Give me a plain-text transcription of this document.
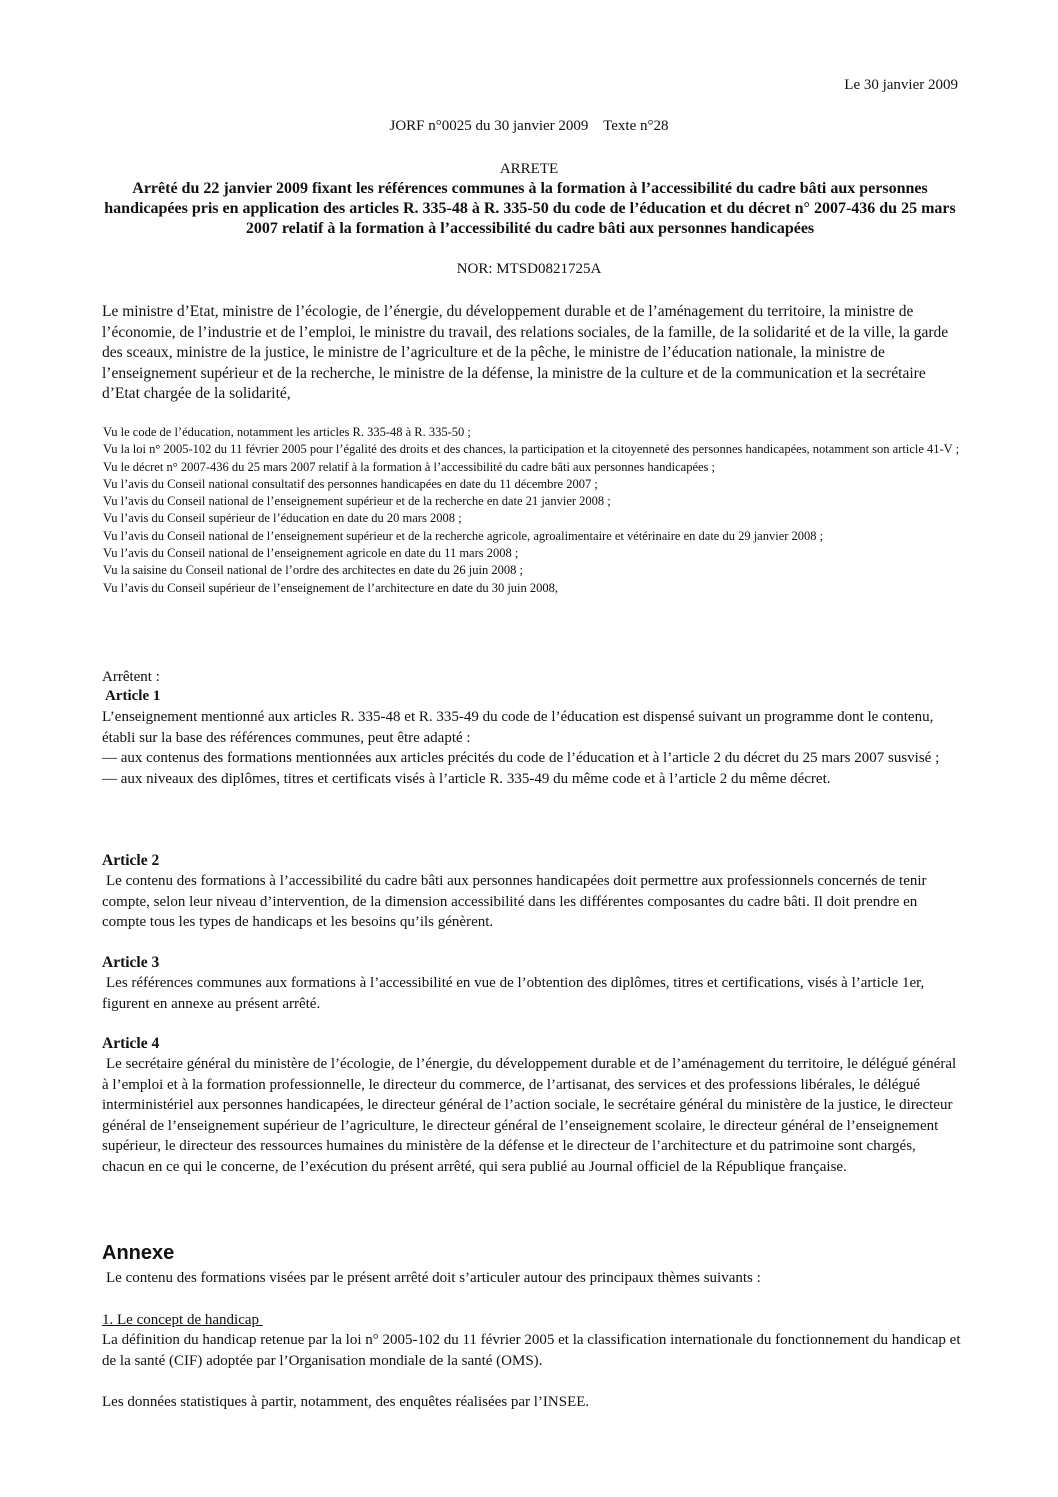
Le 30 janvier 2009

JORF n°0025 du 30 janvier 2009    Texte n°28

ARRETE

Arrêté du 22 janvier 2009 fixant les références communes à la formation à l’accessibilité du cadre bâti aux personnes handicapées pris en application des articles R. 335-48 à R. 335-50 du code de l’éducation et du décret n° 2007-436 du 25 mars 2007 relatif à la formation à l’accessibilité du cadre bâti aux personnes handicapées

NOR: MTSD0821725A

Le ministre d’Etat, ministre de l’écologie, de l’énergie, du développement durable et de l’aménagement du territoire, la ministre de l’économie, de l’industrie et de l’emploi, le ministre du travail, des relations sociales, de la famille, de la solidarité et de la ville, la garde des sceaux, ministre de la justice, le ministre de l’agriculture et de la pêche, le ministre de l’éducation nationale, la ministre de l’enseignement supérieur et de la recherche, le ministre de la défense, la ministre de la culture et de la communication et la secrétaire d’Etat chargée de la solidarité,

Vu le code de l’éducation, notamment les articles R. 335-48 à R. 335-50 ;
Vu la loi n° 2005-102 du 11 février 2005 pour l’égalité des droits et des chances, la participation et la citoyenneté des personnes handicapées, notamment son article 41-V ;
Vu le décret n° 2007-436 du 25 mars 2007 relatif à la formation à l’accessibilité du cadre bâti aux personnes handicapées ;
Vu l’avis du Conseil national consultatif des personnes handicapées en date du 11 décembre 2007 ;
Vu l’avis du Conseil national de l’enseignement supérieur et de la recherche en date 21 janvier 2008 ;
Vu l’avis du Conseil supérieur de l’éducation en date du 20 mars 2008 ;
Vu l’avis du Conseil national de l’enseignement supérieur et de la recherche agricole, agroalimentaire et vétérinaire en date du 29 janvier 2008 ;
Vu l’avis du Conseil national de l’enseignement agricole en date du 11 mars 2008 ;
Vu la saisine du Conseil national de l’ordre des architectes en date du 26 juin 2008 ;
Vu l’avis du Conseil supérieur de l’enseignement de l’architecture en date du 30 juin 2008,

Arrêtent :

Article 1

L’enseignement mentionné aux articles R. 335-48 et R. 335-49 du code de l’éducation est dispensé suivant un programme dont le contenu, établi sur la base des références communes, peut être adapté :
— aux contenus des formations mentionnées aux articles précités du code de l’éducation et à l’article 2 du décret du 25 mars 2007 susvisé ;
— aux niveaux des diplômes, titres et certificats visés à l’article R. 335-49 du même code et à l’article 2 du même décret.

Article 2

Le contenu des formations à l’accessibilité du cadre bâti aux personnes handicapées doit permettre aux professionnels concernés de tenir compte, selon leur niveau d’intervention, de la dimension accessibilité dans les différentes composantes du cadre bâti. Il doit prendre en compte tous les types de handicaps et les besoins qu’ils génèrent.

Article 3

Les références communes aux formations à l’accessibilité en vue de l’obtention des diplômes, titres et certifications, visés à l’article 1er, figurent en annexe au présent arrêté.

Article 4

Le secrétaire général du ministère de l’écologie, de l’énergie, du développement durable et de l’aménagement du territoire, le délégué général à l’emploi et à la formation professionnelle, le directeur du commerce, de l’artisanat, des services et des professions libérales, le délégué interministériel aux personnes handicapées, le directeur général de l’action sociale, le secrétaire général du ministère de la justice, le directeur général de l’enseignement supérieur de l’agriculture, le directeur général de l’enseignement scolaire, le directeur général de l’enseignement supérieur, le directeur des ressources humaines du ministère de la défense et le directeur de l’architecture et du patrimoine sont chargés, chacun en ce qui le concerne, de l’exécution du présent arrêté, qui sera publié au Journal officiel de la République française.

Annexe

Le contenu des formations visées par le présent arrêté doit s’articuler autour des principaux thèmes suivants :

1. Le concept de handicap

La définition du handicap retenue par la loi n° 2005-102 du 11 février 2005 et la classification internationale du fonctionnement du handicap et de la santé (CIF) adoptée par l’Organisation mondiale de la santé (OMS).

Les données statistiques à partir, notamment, des enquêtes réalisées par l’INSEE.
